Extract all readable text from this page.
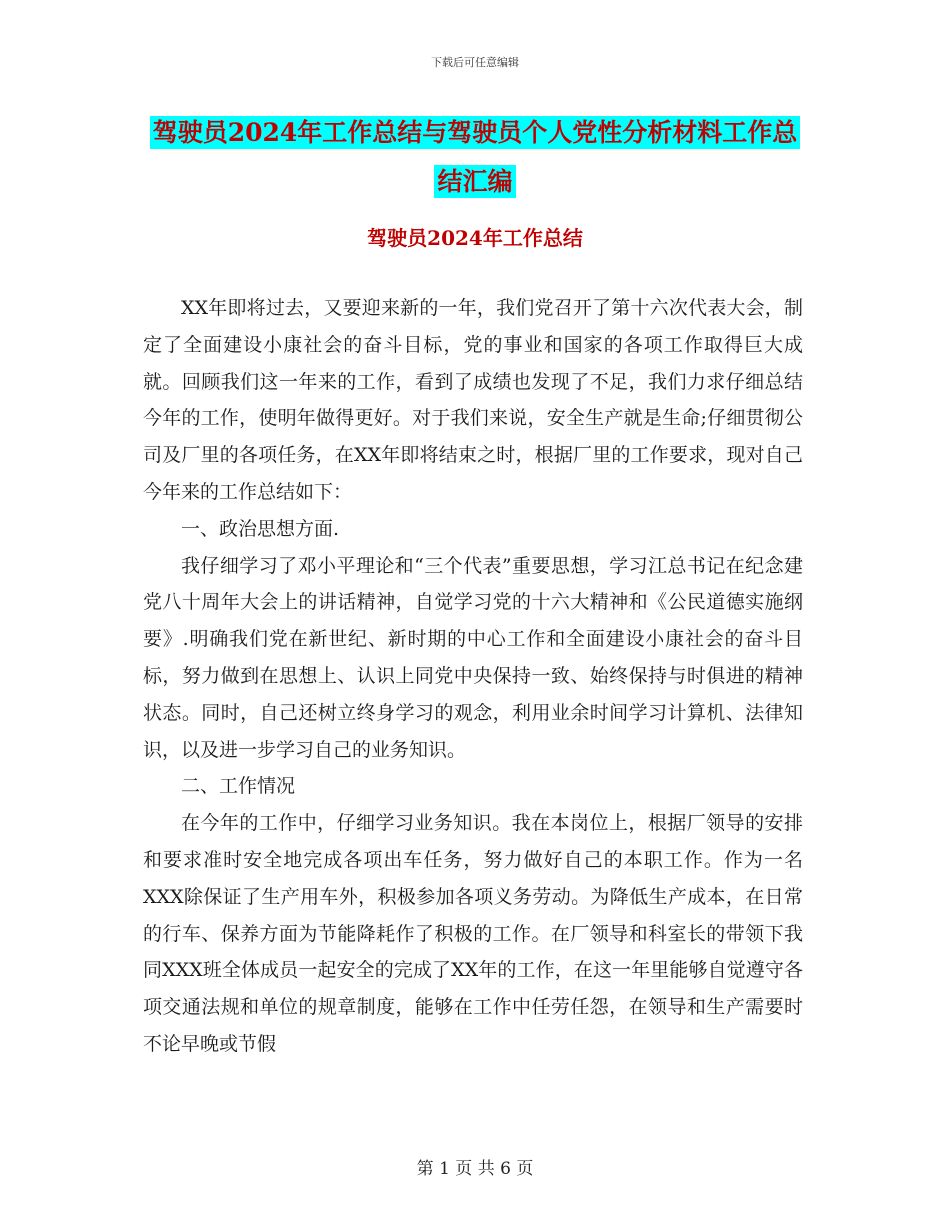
下载后可任意编辑
驾驶员2024年工作总结与驾驶员个人党性分析材料工作总结汇编
驾驶员2024年工作总结

XX年即将过去，又要迎来新的一年，我们党召开了第十六次代表大会，制定了全面建设小康社会的奋斗目标，党的事业和国家的各项工作取得巨大成就。回顾我们这一年来的工作，看到了成绩也发现了不足，我们力求仔细总结今年的工作，使明年做得更好。对于我们来说，安全生产就是生命;仔细贯彻公司及厂里的各项任务，在XX年即将结束之时，根据厂里的工作要求，现对自己今年来的工作总结如下：

一、政治思想方面.

我仔细学习了邓小平理论和“三个代表”重要思想，学习江总书记在纪念建党八十周年大会上的讲话精神，自觉学习党的十六大精神和《公民道德实施纲要》.明确我们党在新世纪、新时期的中心工作和全面建设小康社会的奋斗目标，努力做到在思想上、认识上同党中央保持一致、始终保持与时俱进的精神状态。同时，自己还树立终身学习的观念，利用业余时间学习计算机、法律知识，以及进一步学习自己的业务知识。

二、工作情况

在今年的工作中，仔细学习业务知识。我在本岗位上，根据厂领导的安排和要求准时安全地完成各项出车任务，努力做好自己的本职工作。作为一名XXX除保证了生产用车外，积极参加各项义务劳动。为降低生产成本，在日常的行车、保养方面为节能降耗作了积极的工作。在厂领导和科室长的带领下我同XXX班全体成员一起安全的完成了XX年的工作，在这一年里能够自觉遵守各项交通法规和单位的规章制度，能够在工作中任劳任怨，在领导和生产需要时不论早晚或节假

第 1 页 共 6 页
